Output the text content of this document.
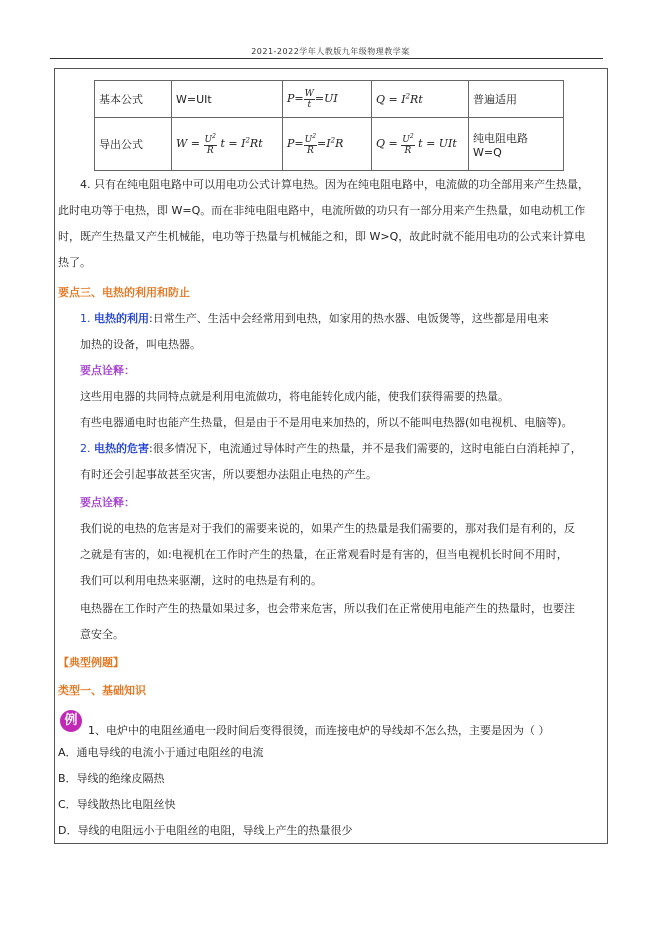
2021-2022学年人教版九年级物理教学案
基本公式	W=UIt	$P= \frac{W}{t} =UI$	$Q = I^2Rt$	普遍适用
导出公式	$W = \frac{U^2}{R}$ $t = I^2Rt$	$P= \frac{U^2}{R} =I^2R$	$Q = \frac{U^2}{R}$ t = UIt	纯电阻电路 W=Q
4. 只有在纯电阻电路中可以用电功公式计算电热。因为在纯电阻电路中，电流做的功全部用来产生热量，
此时电功等于电热，即 W=Q。而在非纯电阻电路中，电流所做的功只有一部分用来产生热量，如电动机工作
时，既产生热量又产生机械能，电功等于热量与机械能之和，即 W>Q，故此时就不能用电功的公式来计算电
热了。
要点三、电热的利用和防止
1. 电热的利用:日常生产、生活中会经常用到电热，如家用的热水器、电饭煲等，这些都是用电来
加热的设备，叫电热器。
要点诠释：
这些用电器的共同特点就是利用电流做功，将电能转化成内能，使我们获得需要的热量。
有些电器通电时也能产生热量，但是由于不是用电来加热的，所以不能叫电热器(如电视机、电脑等)。
2. 电热的危害:很多情况下，电流通过导体时产生的热量，并不是我们需要的，这时电能白白消耗掉了，
有时还会引起事故甚至灾害，所以要想办法阻止电热的产生。
要点诠释：
我们说的电热的危害是对于我们的需要来说的，如果产生的热量是我们需要的，那对我们是有利的，反
之就是有害的，如:电视机在工作时产生的热量，在正常观看时是有害的，但当电视机长时间不用时，
我们可以利用电热来驱潮，这时的电热是有利的。
电热器在工作时产生的热量如果过多，也会带来危害，所以我们在正常使用电能产生的热量时，也要注
意安全。
【典型例题】
类型一、基础知识
例
1、电炉中的电阻丝通电一段时间后变得很烫，而连接电炉的导线却不怎么热，主要是因为（ ）
A．通电导线的电流小于通过电阻丝的电流
B．导线的绝缘皮隔热
C．导线散热比电阻丝快
D．导线的电阻远小于电阻丝的电阻，导线上产生的热量很少
